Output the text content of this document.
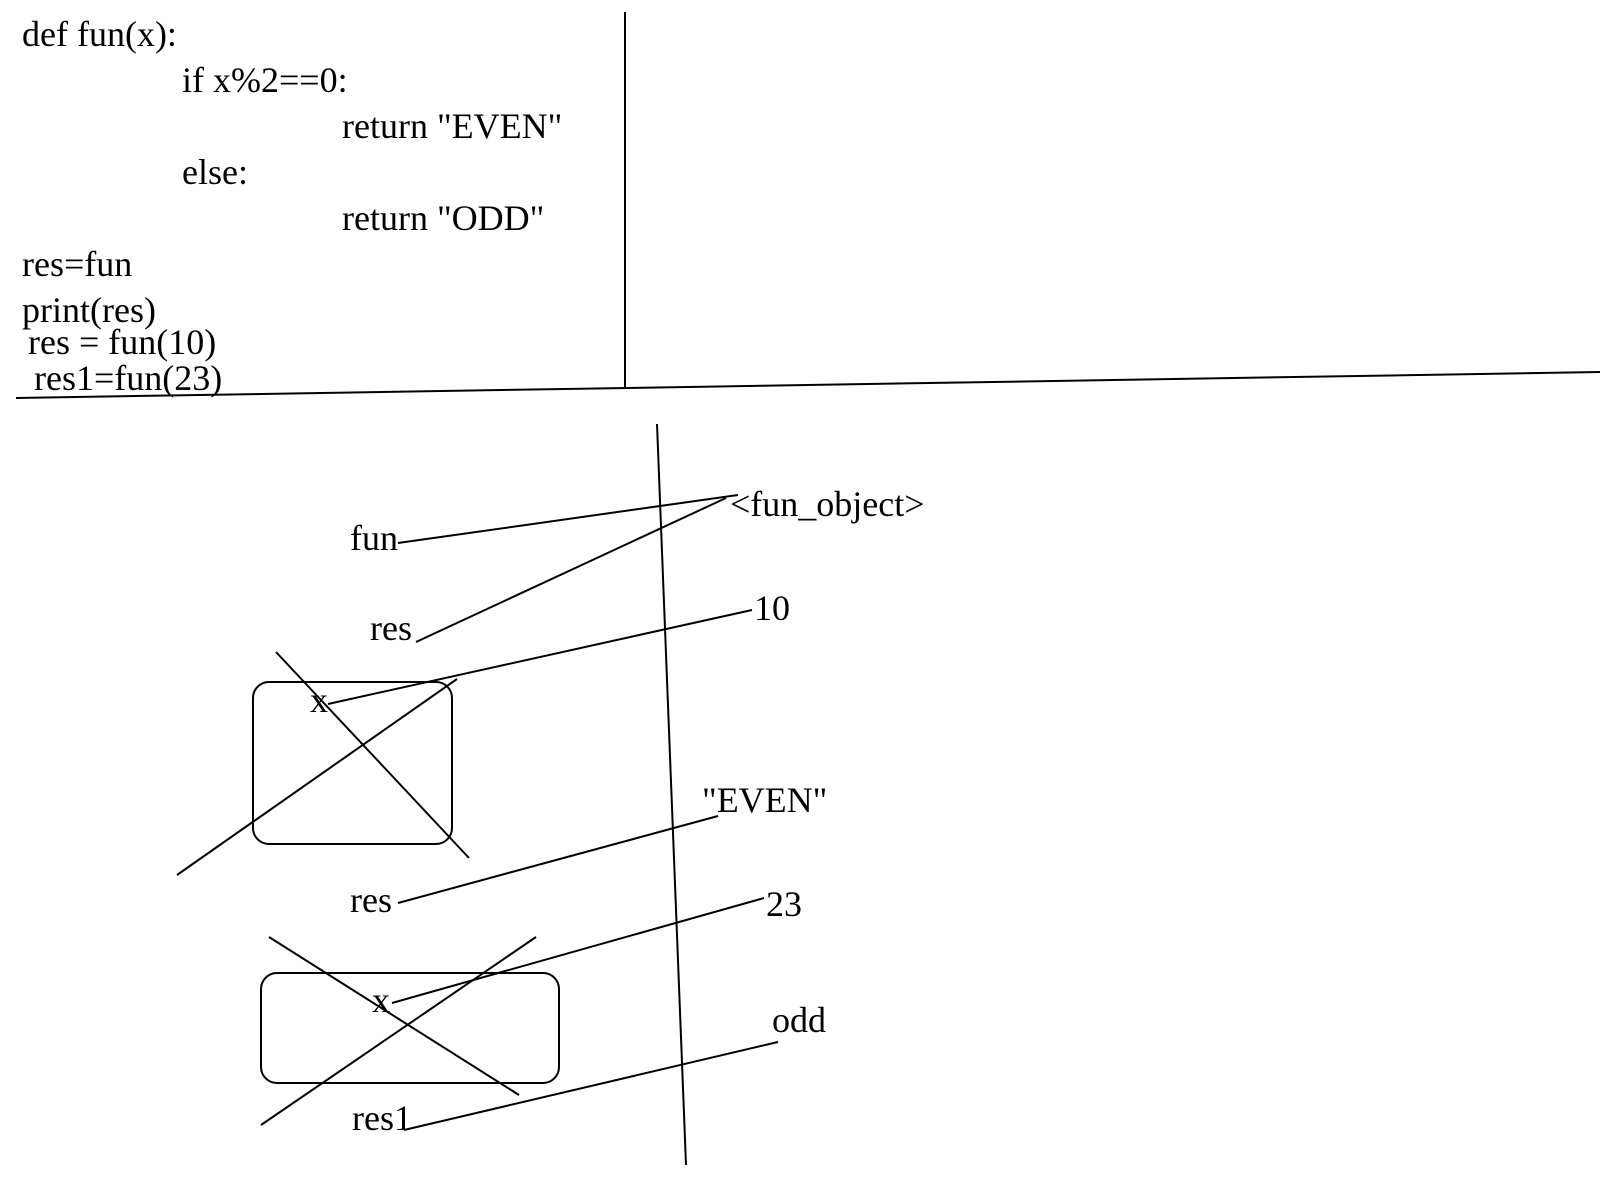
def fun(x):
if x%2==0:
return "EVEN"
else:
return "ODD"
res=fun
print(res)
res = fun(10)
res1=fun(23)
fun
res
x
res
x
res1
<fun_object>
10
"EVEN"
23
odd
